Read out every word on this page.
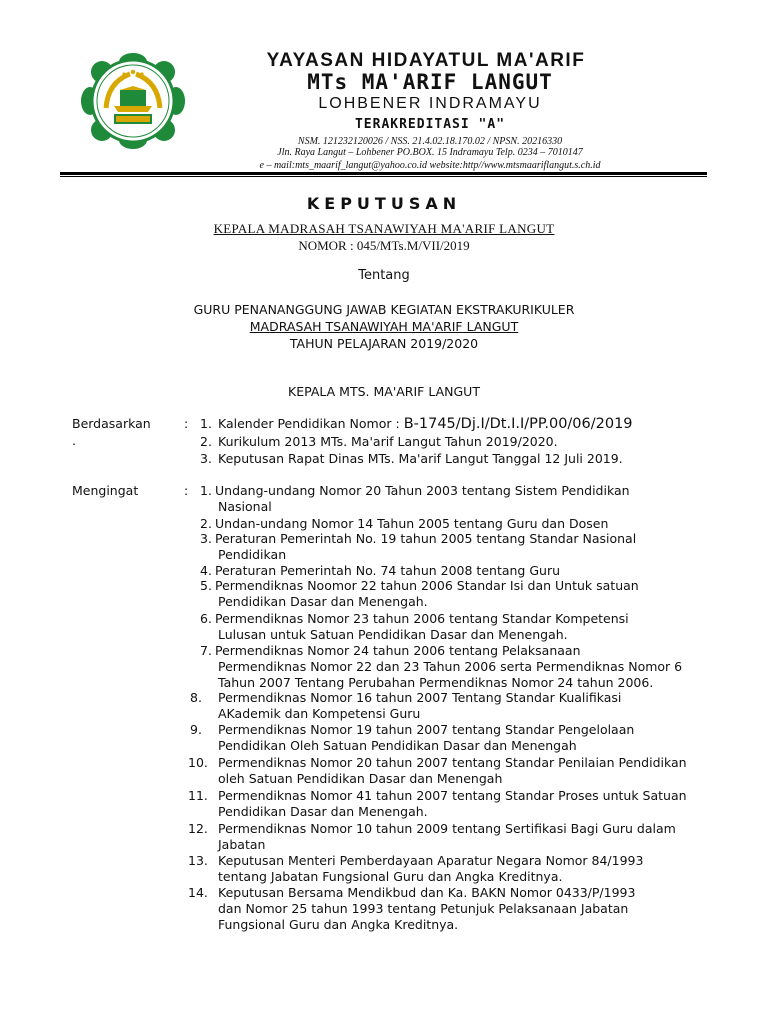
YAYASAN HIDAYATUL MA'ARIF
MTs MA'ARIF LANGUT
LOHBENER INDRAMAYU
TERAKREDITASI "A"
NSM. 121232120026 / NSS. 21.4.02.18.170.02 / NPSN. 20216330
Jln. Raya Langut – Lohbener PO.BOX. 15 Indramayu Telp. 0234 – 7010147
e – mail:mts_maarif_langut@yahoo.co.id website:http//www.mtsmaariflangut.s.ch.id
KEPUTUSAN
KEPALA MADRASAH TSANAWIYAH MA'ARIF LANGUT
NOMOR : 045/MTs.M/VII/2019
Tentang
GURU PENANANGGUNG JAWAB KEGIATAN EKSTRAKURIKULER
MADRASAH TSANAWIYAH MA'ARIF LANGUT
TAHUN PELAJARAN 2019/2020
KEPALA MTS. MA'ARIF LANGUT
Berdasarkan
.
: 1. Kalender Pendidikan Nomor : B-1745/Dj.I/Dt.I.I/PP.00/06/2019
2. Kurikulum 2013 MTs. Ma'arif Langut Tahun 2019/2020.
3. Keputusan Rapat Dinas MTs. Ma'arif Langut Tanggal 12 Juli 2019.
Mengingat	: 1. Undang-undang Nomor 20 Tahun 2003 tentang Sistem Pendidikan
Nasional
2. Undan-undang Nomor 14 Tahun 2005 tentang Guru dan Dosen
3. Peraturan Pemerintah No. 19 tahun 2005 tentang Standar Nasional
Pendidikan
4. Peraturan Pemerintah No. 74 tahun 2008 tentang Guru
5. Permendiknas Noomor 22 tahun 2006 Standar Isi dan Untuk satuan
Pendidikan Dasar dan Menengah.
6. Permendiknas Nomor 23 tahun 2006 tentang Standar Kompetensi
Lulusan untuk Satuan Pendidikan Dasar dan Menengah.
7. Permendiknas Nomor 24 tahun 2006 tentang Pelaksanaan
Permendiknas Nomor 22 dan 23 Tahun 2006 serta Permendiknas Nomor 6
Tahun 2007 Tentang Perubahan Permendiknas Nomor 24 tahun 2006.
8. Permendiknas Nomor 16 tahun 2007 Tentang Standar Kualifikasi
AKademik dan Kompetensi Guru
9. Permendiknas Nomor 19 tahun 2007 tentang Standar Pengelolaan
Pendidikan Oleh Satuan Pendidikan Dasar dan Menengah
10. Permendiknas Nomor 20 tahun 2007 tentang Standar Penilaian Pendidikan
oleh Satuan Pendidikan Dasar dan Menengah
11. Permendiknas Nomor 41 tahun 2007 tentang Standar Proses untuk Satuan
Pendidikan Dasar dan Menengah.
12. Permendiknas Nomor 10 tahun 2009 tentang Sertifikasi Bagi Guru dalam
Jabatan
13. Keputusan Menteri Pemberdayaan Aparatur Negara Nomor 84/1993
tentang Jabatan Fungsional Guru dan Angka Kreditnya.
14. Keputusan Bersama Mendikbud dan Ka. BAKN Nomor 0433/P/1993
dan Nomor 25 tahun 1993 tentang Petunjuk Pelaksanaan Jabatan
Fungsional Guru dan Angka Kreditnya.
